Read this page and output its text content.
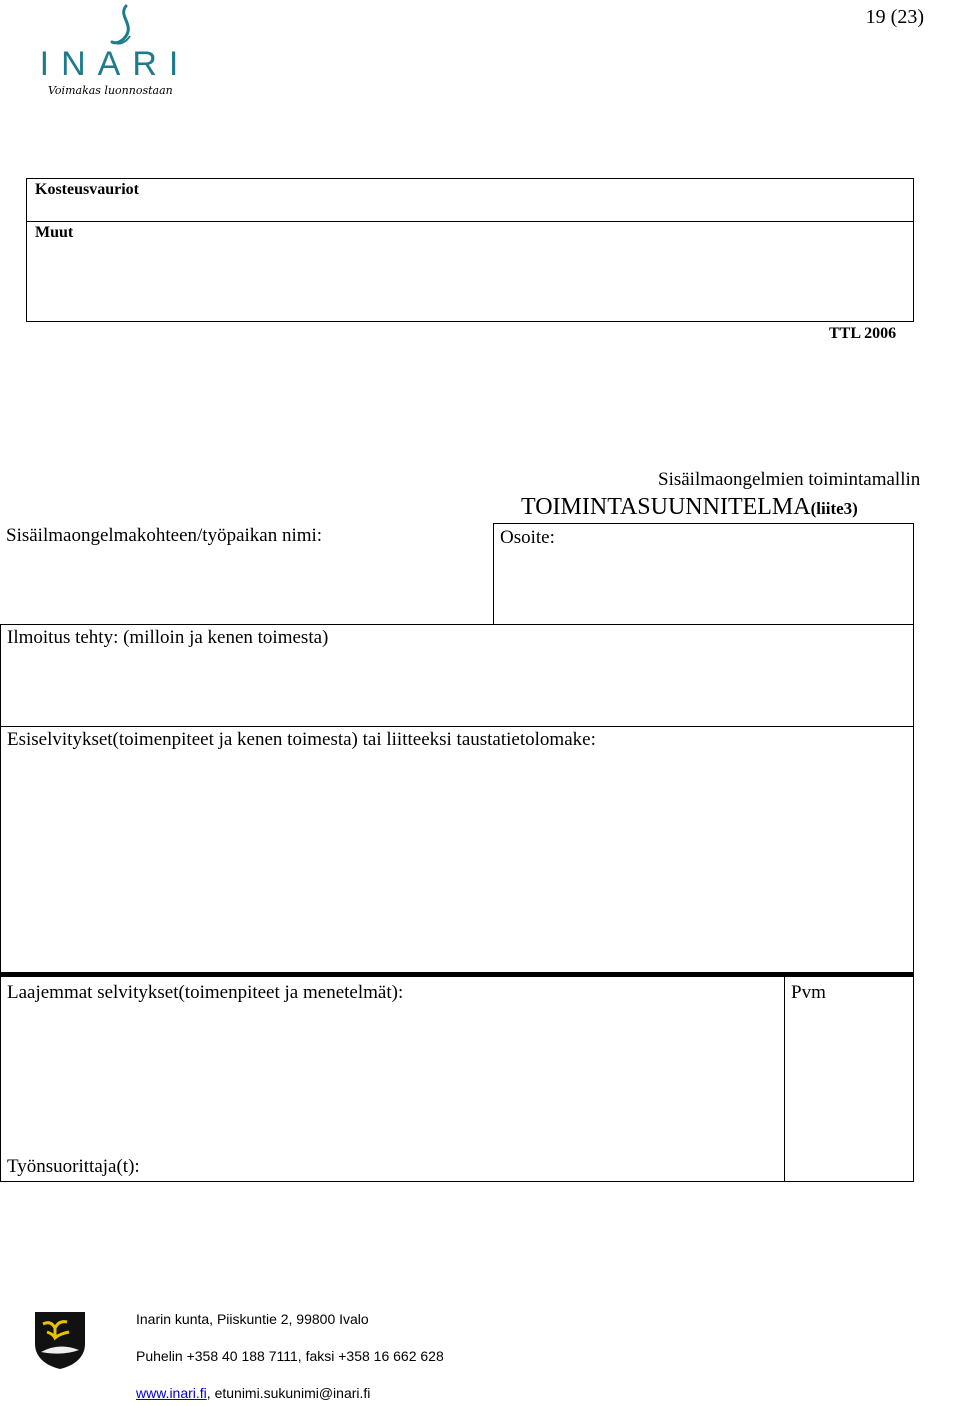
INARI
Voimakas luonnostaan
19 (23)
Kosteusvauriot
Muut
TTL 2006
Sisäilmaongelmien toimintamallin
TOIMINTASUUNNITELMA(liite3)
Sisäilmaongelmakohteen/työpaikan nimi:	Osoite:
Ilmoitus tehty: (milloin ja kenen toimesta)
Esiselvitykset(toimenpiteet ja kenen toimesta) tai liitteeksi taustatietolomake:
Laajemmat selvitykset(toimenpiteet ja menetelmät):
Työnsuorittaja(t):
Pvm
Inarin kunta, Piiskuntie 2, 99800 Ivalo
Puhelin +358 40 188 7111, faksi +358 16 662 628
www.inari.fi, etunimi.sukunimi@inari.fi
